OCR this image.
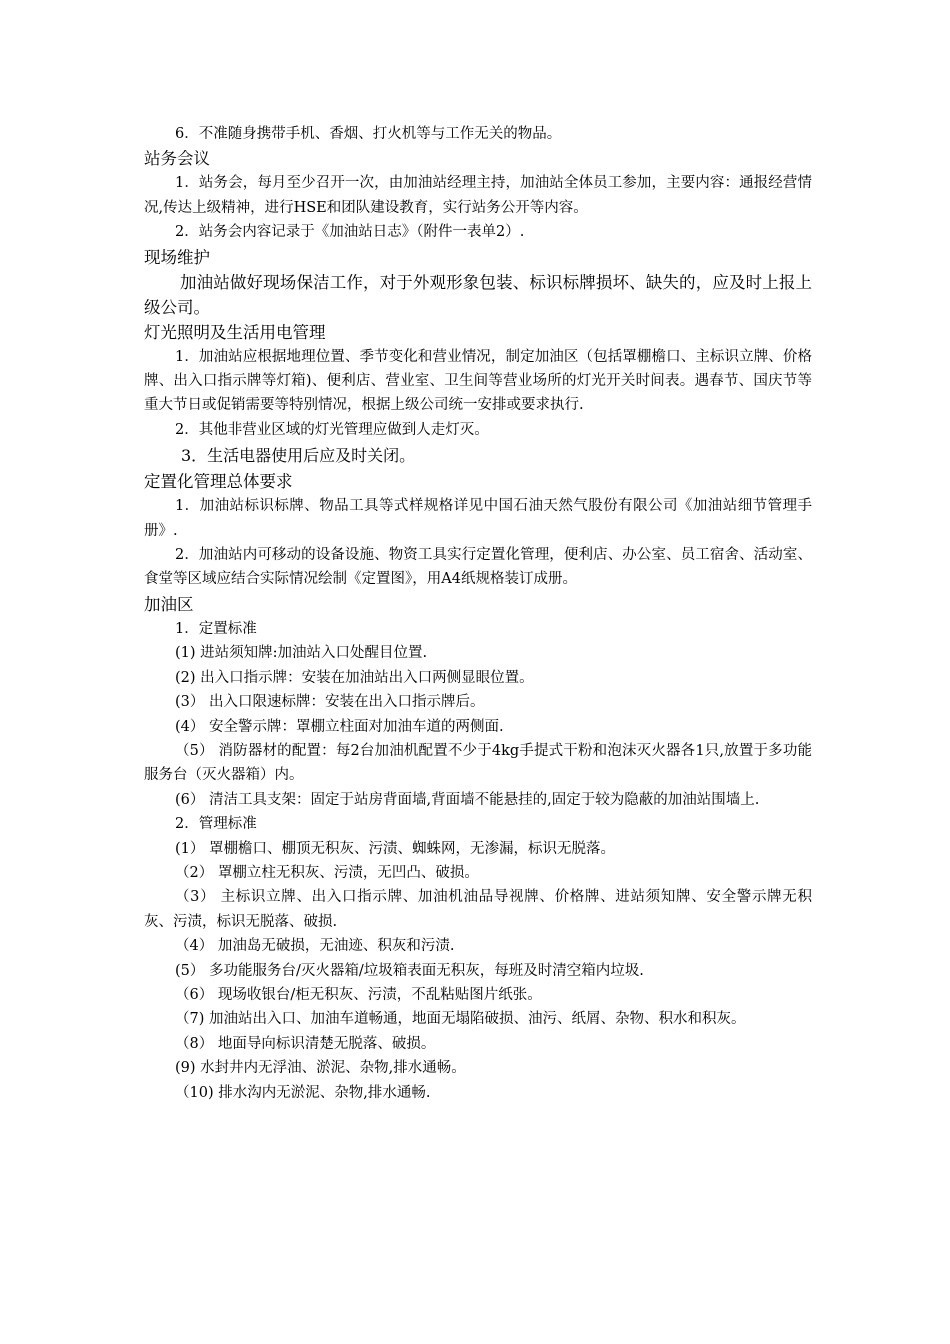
6．不准随身携带手机、香烟、打火机等与工作无关的物品。

站务会议

1．站务会，每月至少召开一次，由加油站经理主持，加油站全体员工参加，主要内容：通报经营情况,传达上级精神，进行HSE和团队建设教育，实行站务公开等内容。

2．站务会内容记录于《加油站日志》（附件一表单2）.

现场维护

加油站做好现场保洁工作，对于外观形象包装、标识标牌损坏、缺失的，应及时上报上级公司。

灯光照明及生活用电管理

1．加油站应根据地理位置、季节变化和营业情况，制定加油区（包括罩棚檐口、主标识立牌、价格牌、出入口指示牌等灯箱)、便利店、营业室、卫生间等营业场所的灯光开关时间表。遇春节、国庆节等重大节日或促销需要等特别情况，根据上级公司统一安排或要求执行.

2．其他非营业区域的灯光管理应做到人走灯灭。

3．生活电器使用后应及时关闭。

定置化管理总体要求

1．加油站标识标牌、物品工具等式样规格详见中国石油天然气股份有限公司《加油站细节管理手册》.

2．加油站内可移动的设备设施、物资工具实行定置化管理，便利店、办公室、员工宿舍、活动室、食堂等区域应结合实际情况绘制《定置图》，用A4纸规格装订成册。

加油区

1．定置标准

(1) 进站须知牌:加油站入口处醒目位置.

(2) 出入口指示牌：安装在加油站出入口两侧显眼位置。

(3） 出入口限速标牌：安装在出入口指示牌后。

(4） 安全警示牌：罩棚立柱面对加油车道的两侧面.

（5） 消防器材的配置：每2台加油机配置不少于4kg手提式干粉和泡沫灭火器各1只,放置于多功能服务台（灭火器箱）内。

(6） 清洁工具支架：固定于站房背面墙,背面墙不能悬挂的,固定于较为隐蔽的加油站围墙上.

2．管理标准

(1） 罩棚檐口、棚顶无积灰、污渍、蜘蛛网，无渗漏，标识无脱落。

（2） 罩棚立柱无积灰、污渍，无凹凸、破损。

（3） 主标识立牌、出入口指示牌、加油机油品导视牌、价格牌、进站须知牌、安全警示牌无积灰、污渍，标识无脱落、破损.

（4） 加油岛无破损，无油迹、积灰和污渍.

(5） 多功能服务台/灭火器箱/垃圾箱表面无积灰，每班及时清空箱内垃圾.

（6） 现场收银台/柜无积灰、污渍，不乱粘贴图片纸张。

（7) 加油站出入口、加油车道畅通，地面无塌陷破损、油污、纸屑、杂物、积水和积灰。

（8） 地面导向标识清楚无脱落、破损。

(9) 水封井内无浮油、淤泥、杂物,排水通畅。

（10) 排水沟内无淤泥、杂物,排水通畅.
